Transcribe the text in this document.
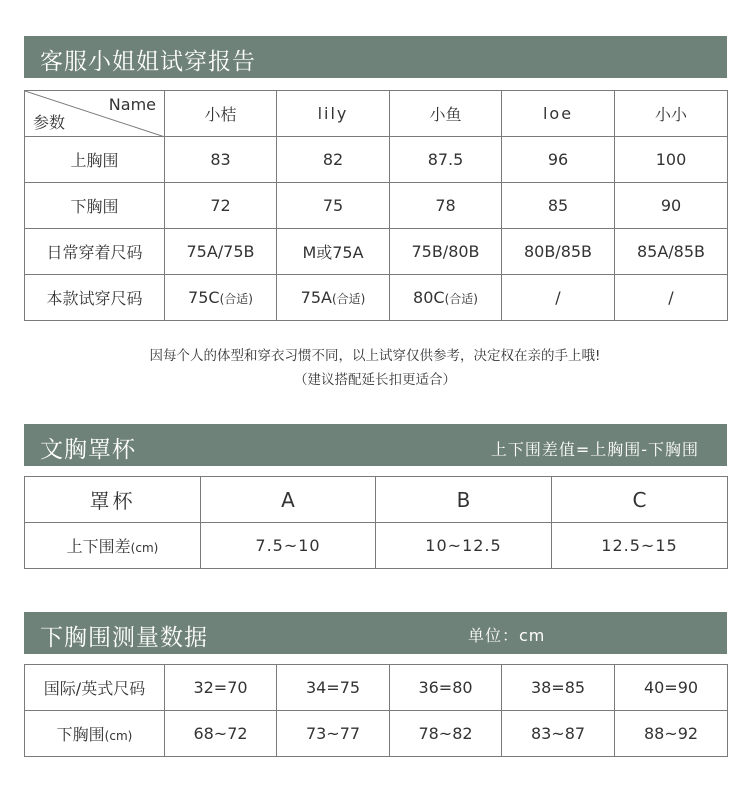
客服小姐姐试穿报告
Name
参数	小桔	lily	小鱼	loe	小小
上胸围	83	82	87.5	96	100
下胸围	72	75	78	85	90
日常穿着尺码	75A/75B	M或75A	75B/80B	80B/85B	85A/85B
本款试穿尺码	75C(合适)	75A(合适)	80C(合适)	/	/
因每个人的体型和穿衣习惯不同，以上试穿仅供参考，决定权在亲的手上哦!
（建议搭配延长扣更适合）
文胸罩杯	上下围差值=上胸围-下胸围
罩杯	A	B	C
上下围差(cm)	7.5~10	10~12.5	12.5~15
下胸围测量数据	单位：cm
国际/英式尺码	32=70	34=75	36=80	38=85	40=90
下胸围(cm)	68~72	73~77	78~82	83~87	88~92
